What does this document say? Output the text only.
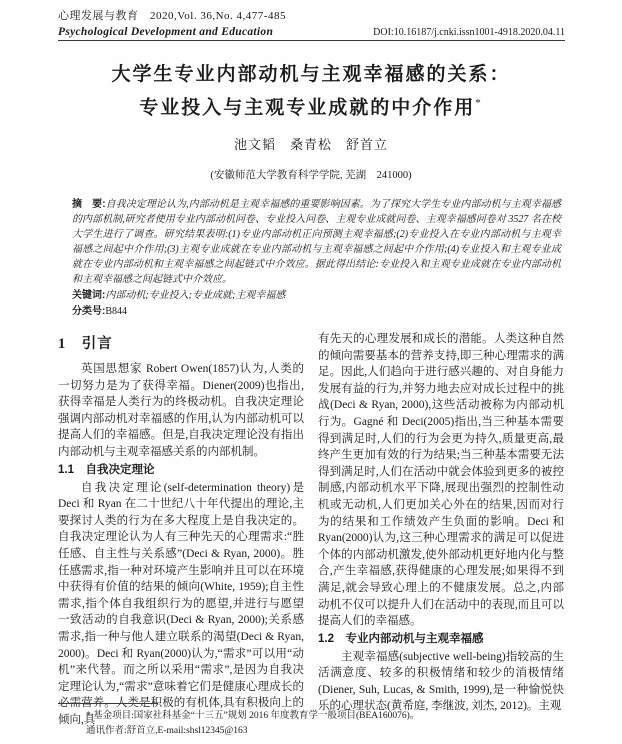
心理发展与教育　2020,Vol. 36,No. 4,477-485
Psychological Development and Education	DOI:10.16187/j.cnki.issn1001-4918.2020.04.11
大学生专业内部动机与主观幸福感的关系：
专业投入与主观专业成就的中介作用*
池文韬　桑青松　舒首立
(安徽师范大学教育科学学院, 芜湖　241000)
摘　要:自我决定理论认为,内部动机是主观幸福感的重要影响因素。为了探究大学生专业内部动机与主观幸福感的内部机制,研究者使用专业内部动机问卷、专业投入问卷、主观专业成就问卷、主观幸福感问卷对 3527 名在校大学生进行了调查。研究结果表明:(1)专业内部动机正向预测主观幸福感;(2)专业投入在专业内部动机与主观幸福感之间起中介作用;(3)主观专业成就在专业内部动机与主观幸福感之间起中介作用;(4)专业投入和主观专业成就在专业内部动机和主观幸福感之间起链式中介效应。据此得出结论:专业投入和主观专业成就在专业内部动机和主观幸福感之间起链式中介效应。
关键词:内部动机;专业投入;专业成就;主观幸福感
分类号:B844
1　引言
英国思想家 Robert Owen(1857)认为,人类的一切努力是为了获得幸福。Diener(2009)也指出,获得幸福是人类行为的终极动机。自我决定理论强调内部动机对幸福感的作用,认为内部动机可以提高人们的幸福感。但是,自我决定理论没有指出内部动机与主观幸福感关系的内部机制。
1.1　自我决定理论
自我决定理论(self-determination theory)是 Deci 和 Ryan 在二十世纪八十年代提出的理论,主要探讨人类的行为在多大程度上是自我决定的。自我决定理论认为人有三种先天的心理需求:“胜任感、自主性与关系感”(Deci & Ryan, 2000)。胜任感需求,指一种对环境产生影响并且可以在环境中获得有价值的结果的倾向(White, 1959);自主性需求,指个体自我组织行为的愿望,并进行与愿望一致活动的自我意识(Deci & Ryan, 2000);关系感需求,指一种与他人建立联系的渴望(Deci & Ryan, 2000)。Deci 和 Ryan(2000)认为,“需求”可以用“动机”来代替。而之所以采用“需求”,是因为自我决定理论认为,“需求”意味着它们是健康心理成长的必需营养。人类是积极的有机体,具有积极向上的倾向,具
有先天的心理发展和成长的潜能。人类这种自然的倾向需要基本的营养支持,即三种心理需求的满足。因此,人们趋向于进行感兴趣的、对自身能力发展有益的行为,并努力地去应对成长过程中的挑战(Deci & Ryan, 2000),这些活动被称为内部动机行为。Gagné 和 Deci(2005)指出,当三种基本需要得到满足时,人们的行为会更为持久,质量更高,最终产生更加有效的行为结果;当三种基本需要无法得到满足时,人们在活动中就会体验到更多的被控制感,内部动机水平下降,展现出强烈的控制性动机或无动机,人们更加关心外在的结果,因而对行为的结果和工作绩效产生负面的影响。Deci 和 Ryan(2000)认为,这三种心理需求的满足可以促进个体的内部动机激发,使外部动机更好地内化与整合,产生幸福感,获得健康的心理发展;如果得不到满足,就会导致心理上的不健康发展。总之,内部动机不仅可以提升人们在活动中的表现,而且可以提高人们的幸福感。
1.2　专业内部动机与主观幸福感
主观幸福感(subjective well-being)指较高的生活满意度、较多的积极情绪和较少的消极情绪(Diener, Suh, Lucas, & Smith, 1999),是一种愉悦快乐的心理状态(黄希庭, 李继波, 刘杰, 2012)。主观
* 基金项目:国家社科基金“十三五”规划 2016 年度教育学一般项目(BEA160076)。
通讯作者:舒首立,E-mail:shsl12345@163
